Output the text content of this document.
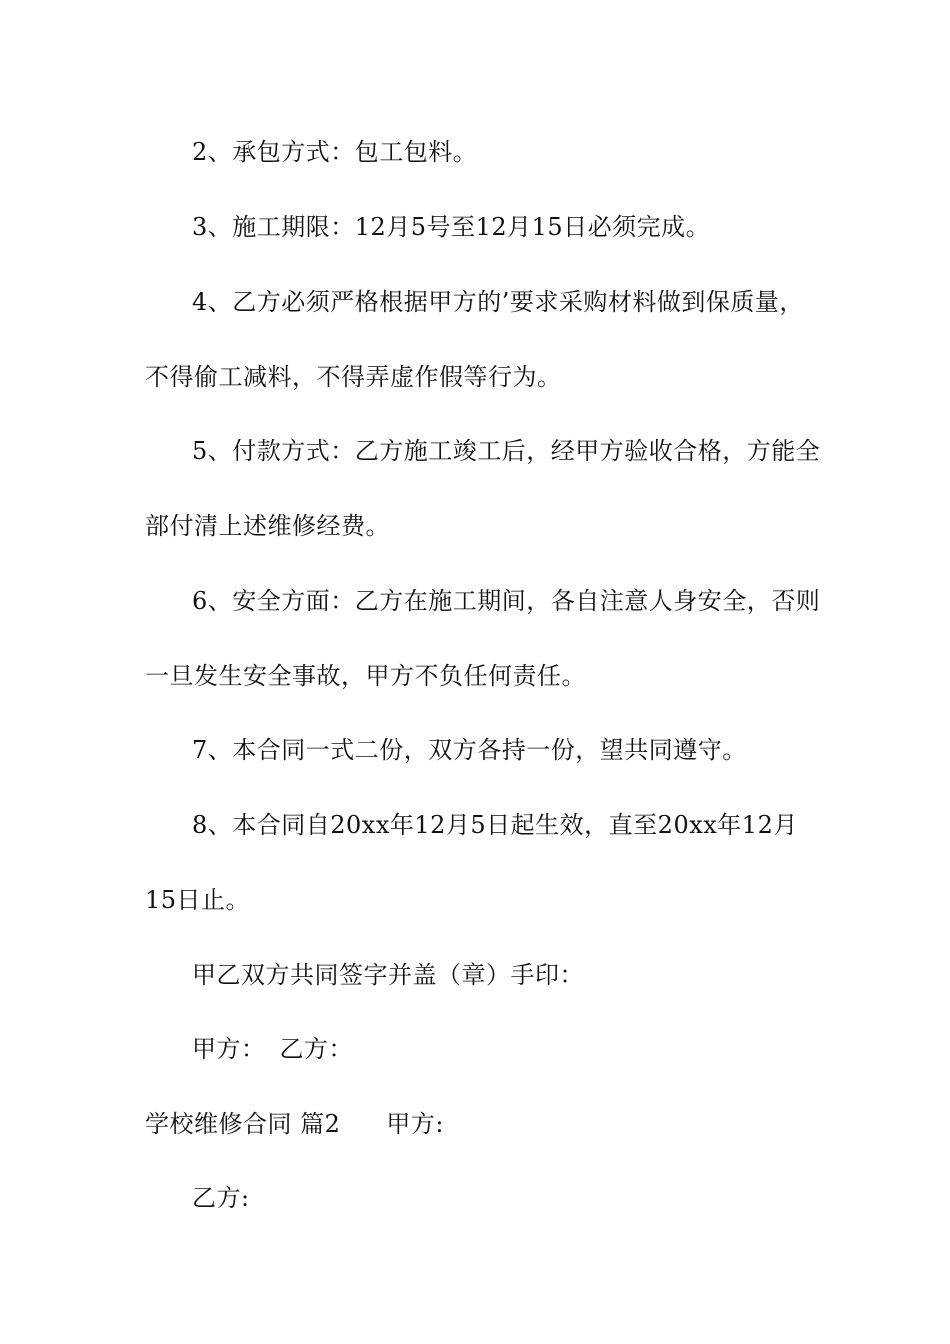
2、承包方式：包工包料。
3、施工期限：12月5号至12月15日必须完成。
4、乙方必须严格根据甲方的’要求采购材料做到保质量，
不得偷工减料，不得弄虚作假等行为。
5、付款方式：乙方施工竣工后，经甲方验收合格，方能全
部付清上述维修经费。
6、安全方面：乙方在施工期间，各自注意人身安全，否则
一旦发生安全事故，甲方不负任何责任。
7、本合同一式二份，双方各持一份，望共同遵守。
8、本合同自20xx年12月5日起生效，直至20xx年12月
15日止。
甲乙双方共同签字并盖（章）手印：
甲方： 乙方：
学校维修合同 篇2 甲方:
乙方:
